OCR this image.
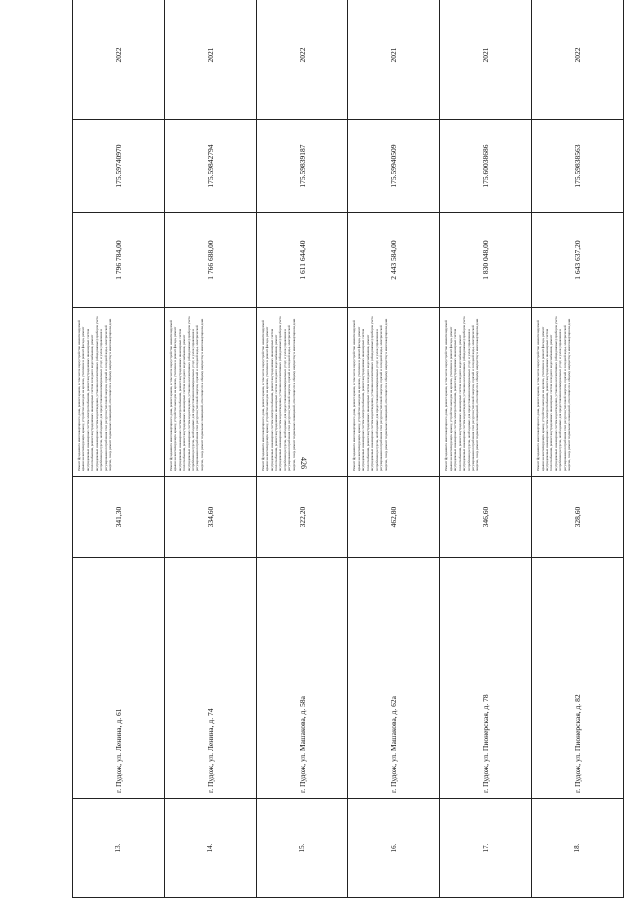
426
13.	г. Пудож, ул. Ленина, д. 61	341,30	Ремонт фундамента многоквартирного дома, ремонт крыши, в том числе переустройство невентилируемой крыши на вентилируемую крышу, устройство выходов на кровлю, утепление и ремонт фасада, ремонт внутридомовых инженерных систем электроснабжения, ремонт внутридомовых инженерных систем теплоснабжения, ремонт внутридомовых инженерных систем холодного водоснабжения, ремонт внутридомовых инженерных систем водоотведения, установка коллективных (общедомовых) приборов учета потребления ресурсов, необходимых для предоставления коммунальных услуг, и узлов управления и регулирования потребления этих ресурсов (тепловой энергии, горячей и холодной воды, электрической энергии, газа), ремонт подвальных помещений, относящихся к общему имуществу в многоквартирном доме	1 796 784,00	175.59740970	2022
14.	г. Пудож, ул. Ленина, д. 74	334,60	Ремонт фундамента многоквартирного дома, ремонт крыши, в том числе переустройство невентилируемой крыши на вентилируемую крышу, устройство выходов на кровлю, утепление и ремонт фасада, ремонт внутридомовых инженерных систем электроснабжения, ремонт внутридомовых инженерных систем теплоснабжения, ремонт внутридомовых инженерных систем холодного водоснабжения, ремонт внутридомовых инженерных систем водоотведения, установка коллективных (общедомовых) приборов учета потребления ресурсов, необходимых для предоставления коммунальных услуг, и узлов управления и регулирования потребления этих ресурсов (тепловой энергии, горячей и холодной воды, электрической энергии, газа), ремонт подвальных помещений, относящихся к общему имуществу в многоквартирном доме	1 766 688,00	175.59842794	2021
15.	г. Пудож, ул. Машакова, д. 58а	322,20	Ремонт фундамента многоквартирного дома, ремонт крыши, в том числе переустройство невентилируемой крыши на вентилируемую крышу, устройство выходов на кровлю, утепление и ремонт фасада, ремонт внутридомовых инженерных систем электроснабжения, ремонт внутридомовых инженерных систем теплоснабжения, ремонт внутридомовых инженерных систем холодного водоснабжения, ремонт внутридомовых инженерных систем водоотведения, установка коллективных (общедомовых) приборов учета потребления ресурсов, необходимых для предоставления коммунальных услуг, и узлов управления и регулирования потребления этих ресурсов (тепловой энергии, горячей и холодной воды, электрической энергии, газа), ремонт подвальных помещений, относящихся к общему имуществу в многоквартирном доме	1 611 644,40	175.59839187	2022
16.	г. Пудож, ул. Машакова, д. 62а	462,80	Ремонт фундамента многоквартирного дома, ремонт крыши, в том числе переустройство невентилируемой крыши на вентилируемую крышу, устройство выходов на кровлю, утепление и ремонт фасада, ремонт внутридомовых инженерных систем электроснабжения, ремонт внутридомовых инженерных систем теплоснабжения, ремонт внутридомовых инженерных систем холодного водоснабжения, ремонт внутридомовых инженерных систем водоотведения, установка коллективных (общедомовых) приборов учета потребления ресурсов, необходимых для предоставления коммунальных услуг, и узлов управления и регулирования потребления этих ресурсов (тепловой энергии, горячей и холодной воды, электрической энергии, газа), ремонт подвальных помещений, относящихся к общему имуществу в многоквартирном доме	2 443 584,00	175.59940509	2021
17.	г. Пудож, ул. Пионерская, д. 78	346,60	Ремонт фундамента многоквартирного дома, ремонт крыши, в том числе переустройство невентилируемой крыши на вентилируемую крышу, устройство выходов на кровлю, утепление и ремонт фасада, ремонт внутридомовых инженерных систем электроснабжения, ремонт внутридомовых инженерных систем теплоснабжения, ремонт внутридомовых инженерных систем холодного водоснабжения, ремонт внутридомовых инженерных систем водоотведения, установка коллективных (общедомовых) приборов учета потребления ресурсов, необходимых для предоставления коммунальных услуг, и узлов управления и регулирования потребления этих ресурсов (тепловой энергии, горячей и холодной воды, электрической энергии, газа), ремонт подвальных помещений, относящихся к общему имуществу в многоквартирном доме	1 830 048,00	175.60038686	2021
18.	г. Пудож, ул. Пионерская, д. 82	328,60	Ремонт фундамента многоквартирного дома, ремонт крыши, в том числе переустройство невентилируемой крыши на вентилируемую крышу, устройство выходов на кровлю, утепление и ремонт фасада, ремонт внутридомовых инженерных систем электроснабжения, ремонт внутридомовых инженерных систем теплоснабжения, ремонт внутридомовых инженерных систем холодного водоснабжения, ремонт внутридомовых инженерных систем водоотведения, установка коллективных (общедомовых) приборов учета потребления ресурсов, необходимых для предоставления коммунальных услуг, и узлов управления и регулирования потребления этих ресурсов (тепловой энергии, горячей и холодной воды, электрической энергии, газа), ремонт подвальных помещений, относящихся к общему имуществу в многоквартирном доме	1 643 637,20	175.59838563	2022
